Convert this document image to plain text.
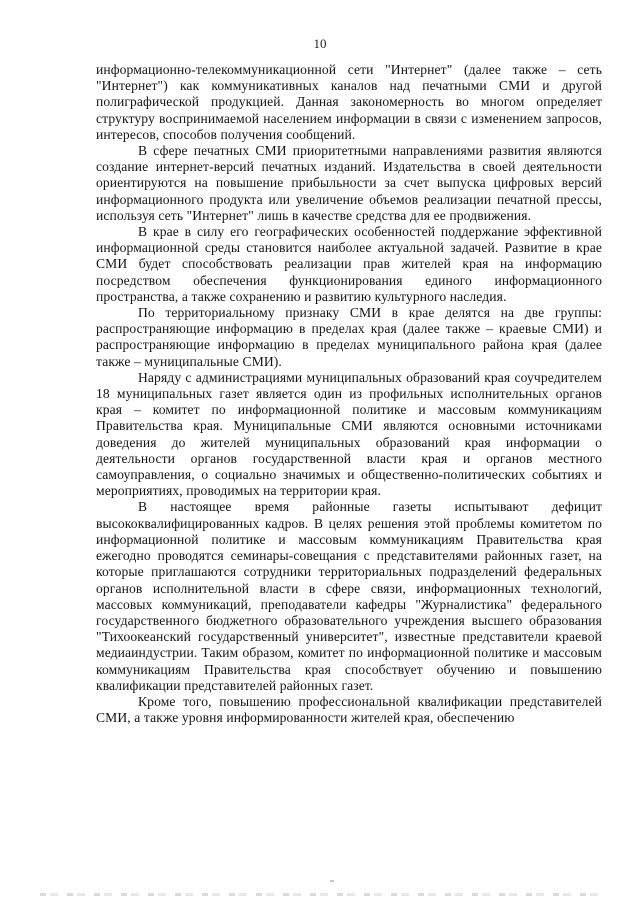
10

информационно-телекоммуникационной сети "Интернет" (далее также – сеть "Интернет") как коммуникативных каналов над печатными СМИ и другой полиграфической продукцией. Данная закономерность во многом определяет структуру воспринимаемой населением информации в связи с изменением запросов, интересов, способов получения сообщений.

В сфере печатных СМИ приоритетными направлениями развития являются создание интернет-версий печатных изданий. Издательства в своей деятельности ориентируются на повышение прибыльности за счет выпуска цифровых версий информационного продукта или увеличение объемов реализации печатной прессы, используя сеть "Интернет" лишь в качестве средства для ее продвижения.

В крае в силу его географических особенностей поддержание эффективной информационной среды становится наиболее актуальной задачей. Развитие в крае СМИ будет способствовать реализации прав жителей края на информацию посредством обеспечения функционирования единого информационного пространства, а также сохранению и развитию культурного наследия.

По территориальному признаку СМИ в крае делятся на две группы: распространяющие информацию в пределах края (далее также – краевые СМИ) и распространяющие информацию в пределах муниципального района края (далее также – муниципальные СМИ).

Наряду с администрациями муниципальных образований края соучредителем 18 муниципальных газет является один из профильных исполнительных органов края – комитет по информационной политике и массовым коммуникациям Правительства края. Муниципальные СМИ являются основными источниками доведения до жителей муниципальных образований края информации о деятельности органов государственной власти края и органов местного самоуправления, о социально значимых и общественно-политических событиях и мероприятиях, проводимых на территории края.

В настоящее время районные газеты испытывают дефицит высококвалифицированных кадров. В целях решения этой проблемы комитетом по информационной политике и массовым коммуникациям Правительства края ежегодно проводятся семинары-совещания с представителями районных газет, на которые приглашаются сотрудники территориальных подразделений федеральных органов исполнительной власти в сфере связи, информационных технологий, массовых коммуникаций, преподаватели кафедры "Журналистика" федерального государственного бюджетного образовательного учреждения высшего образования "Тихоокеанский государственный университет", известные представители краевой медиаиндустрии. Таким образом, комитет по информационной политике и массовым коммуникациям Правительства края способствует обучению и повышению квалификации представителей районных газет.

Кроме того, повышению профессиональной квалификации представителей СМИ, а также уровня информированности жителей края, обеспечению
